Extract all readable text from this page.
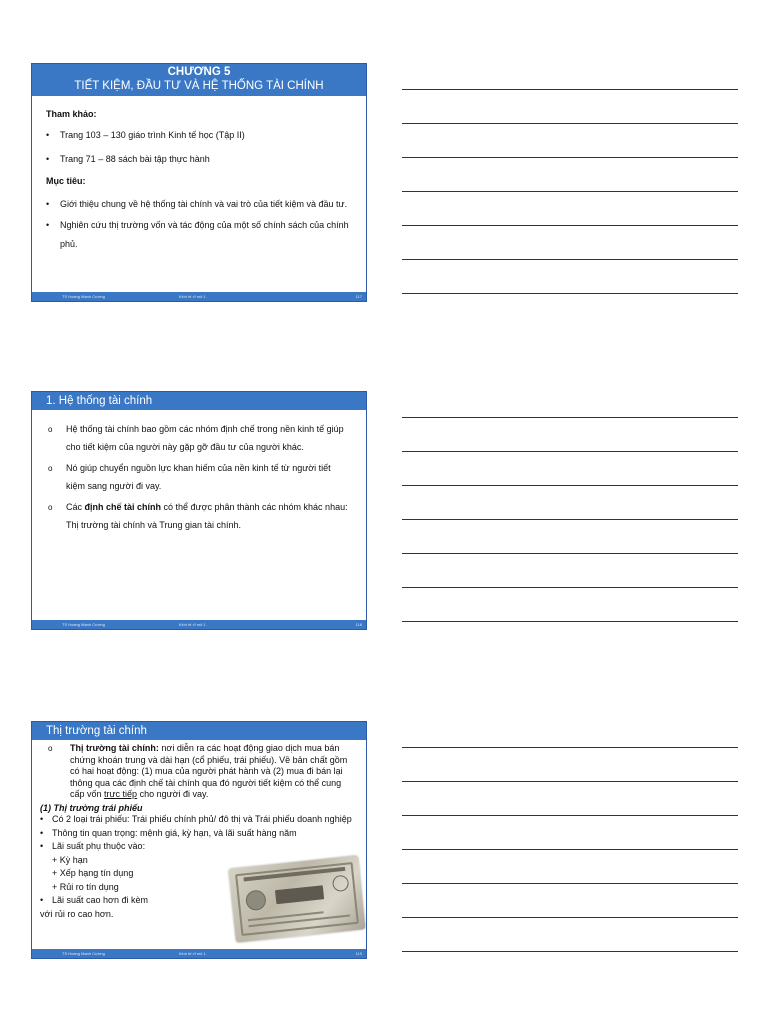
CHƯƠNG 5
TIẾT KIỆM, ĐẦU TƯ VÀ HỆ THỐNG TÀI CHÍNH
Tham khảo:
• Trang 103 – 130 giáo trình Kinh tế học (Tập II)
• Trang 71 – 88 sách bài tập thực hành
Mục tiêu:
• Giới thiệu chung về hệ thống tài chính và vai trò của tiết kiệm và đầu tư.
• Nghiên cứu thị trường vốn và tác động của một số chính sách của chính phủ.
TS Hoàng Mạnh Cường	Kinh tế vĩ mô 1	117
1. Hệ thống tài chính
o Hệ thống tài chính bao gồm các nhóm định chế trong nền kinh tế giúp cho tiết kiệm của người này gặp gỡ đầu tư của người khác.
o Nó giúp chuyển nguồn lực khan hiếm của nền kinh tế từ người tiết kiệm sang người đi vay.
o Các định chế tài chính có thể được phân thành các nhóm khác nhau: Thị trường tài chính và Trung gian tài chính.
TS Hoàng Mạnh Cường	Kinh tế vĩ mô 1	118
Thị trường tài chính
o Thị trường tài chính: nơi diễn ra các hoạt động giao dịch mua bán chứng khoán trung và dài hạn (cổ phiếu, trái phiếu). Về bản chất gồm có hai hoạt động: (1) mua của người phát hành và (2) mua đi bán lại thông qua các định chế tài chính qua đó người tiết kiệm có thể cung cấp vốn trực tiếp cho người đi vay.
(1) Thị trường trái phiếu
• Có 2 loại trái phiếu: Trái phiếu chính phủ/ đô thị và Trái phiếu doanh nghiệp
• Thông tin quan trọng: mệnh giá, kỳ hạn, và lãi suất hàng năm
• Lãi suất phụ thuộc vào:
+ Kỳ hạn
+ Xếp hạng tín dụng
+ Rủi ro tín dụng
• Lãi suất cao hơn đi kèm
với rủi ro cao hơn.
TS Hoàng Mạnh Cường	Kinh tế vĩ mô 1	119
